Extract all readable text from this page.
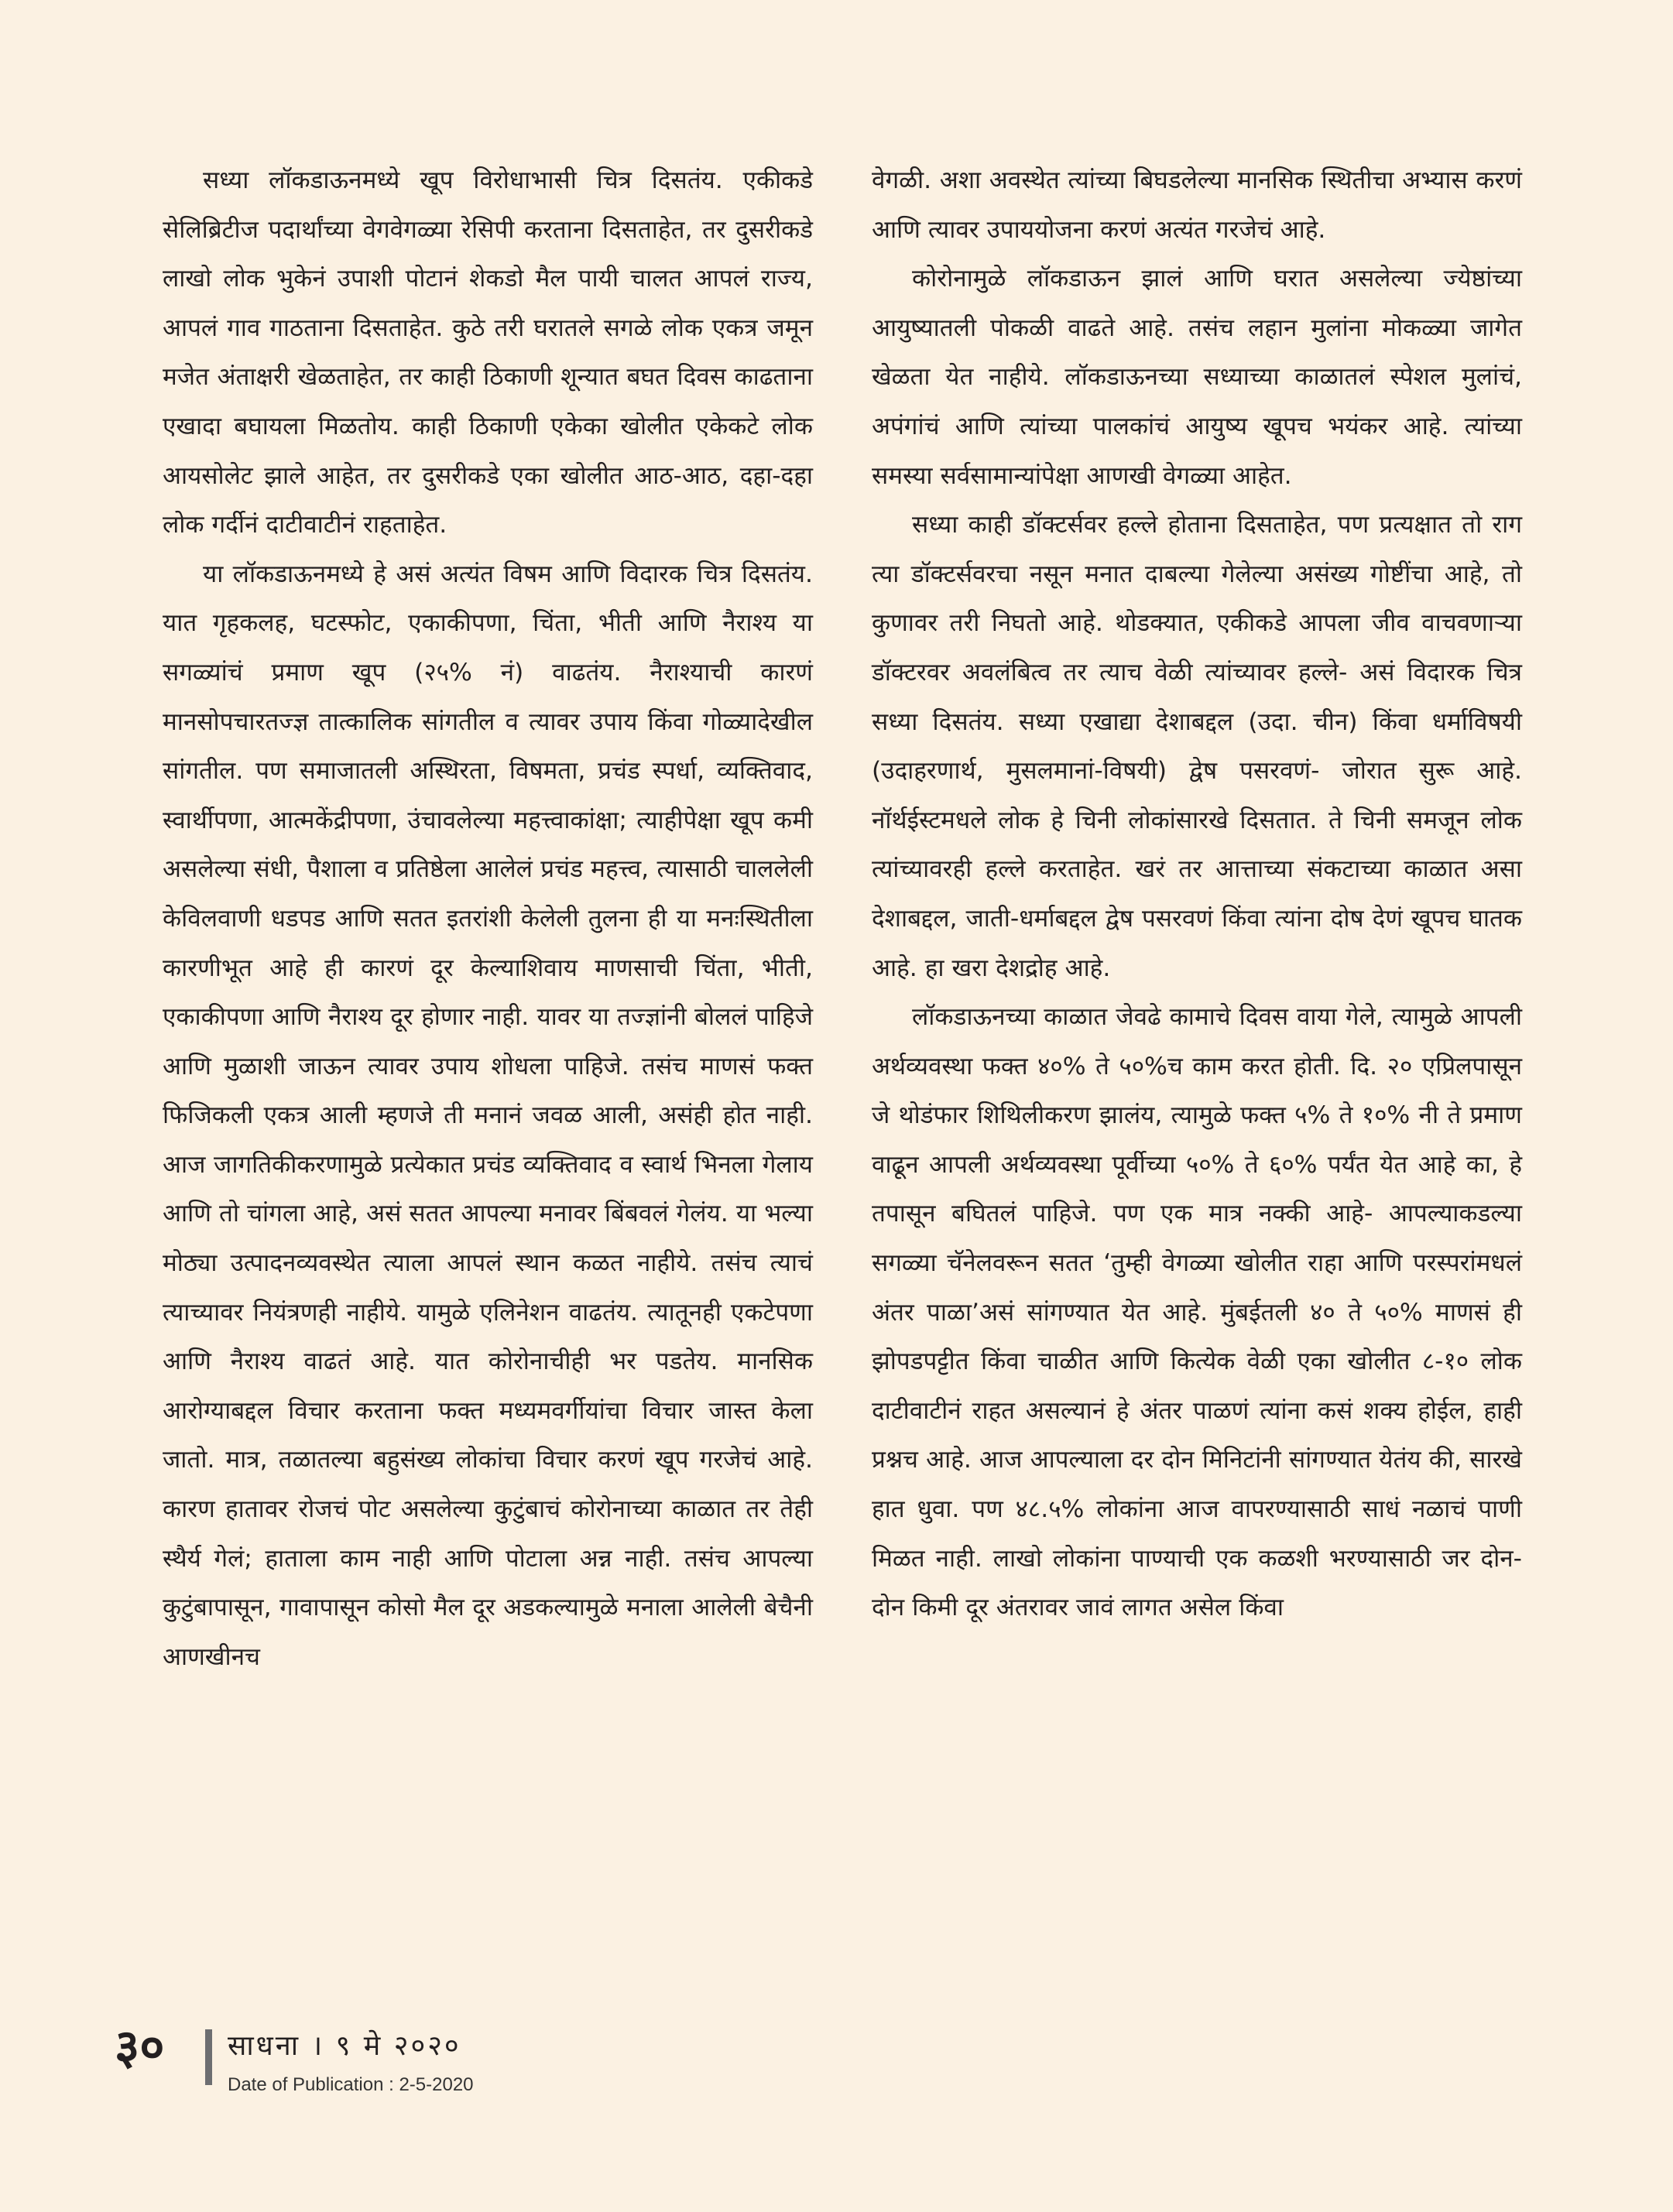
सध्या लॉकडाऊनमध्ये खूप विरोधाभासी चित्र दिसतंय. एकीकडे सेलिब्रिटीज पदार्थांच्या वेगवेगळ्या रेसिपी करताना दिसताहेत, तर दुसरीकडे लाखो लोक भुकेनं उपाशी पोटानं शेकडो मैल पायी चालत आपलं राज्य, आपलं गाव गाठताना दिसताहेत. कुठे तरी घरातले सगळे लोक एकत्र जमून मजेत अंताक्षरी खेळताहेत, तर काही ठिकाणी शून्यात बघत दिवस काढताना एखादा बघायला मिळतोय. काही ठिकाणी एकेका खोलीत एकेकटे लोक आयसोलेट झाले आहेत, तर दुसरीकडे एका खोलीत आठ-आठ, दहा-दहा लोक गर्दीनं दाटीवाटीनं राहताहेत.

या लॉकडाऊनमध्ये हे असं अत्यंत विषम आणि विदारक चित्र दिसतंय. यात गृहकलह, घटस्फोट, एकाकीपणा, चिंता, भीती आणि नैराश्य या सगळ्यांचं प्रमाण खूप (२५% नं) वाढतंय. नैराश्याची कारणं मानसोपचारतज्ज्ञ तात्कालिक सांगतील व त्यावर उपाय किंवा गोळ्यादेखील सांगतील. पण समाजातली अस्थिरता, विषमता, प्रचंड स्पर्धा, व्यक्तिवाद, स्वार्थीपणा, आत्मकेंद्रीपणा, उंचावलेल्या महत्त्वाकांक्षा; त्याहीपेक्षा खूप कमी असलेल्या संधी, पैशाला व प्रतिष्ठेला आलेलं प्रचंड महत्त्व, त्यासाठी चाललेली केविलवाणी धडपड आणि सतत इतरांशी केलेली तुलना ही या मनःस्थितीला कारणीभूत आहे ही कारणं दूर केल्याशिवाय माणसाची चिंता, भीती, एकाकीपणा आणि नैराश्य दूर होणार नाही. यावर या तज्ज्ञांनी बोललं पाहिजे आणि मुळाशी जाऊन त्यावर उपाय शोधला पाहिजे. तसंच माणसं फक्त फिजिकली एकत्र आली म्हणजे ती मनानं जवळ आली, असंही होत नाही. आज जागतिकीकरणामुळे प्रत्येकात प्रचंड व्यक्तिवाद व स्वार्थ भिनला गेलाय आणि तो चांगला आहे, असं सतत आपल्या मनावर बिंबवलं गेलंय. या भल्या मोठ्या उत्पादनव्यवस्थेत त्याला आपलं स्थान कळत नाहीये. तसंच त्याचं त्याच्यावर नियंत्रणही नाहीये. यामुळे एलिनेशन वाढतंय. त्यातूनही एकटेपणा आणि नैराश्य वाढतं आहे. यात कोरोनाचीही भर पडतेय. मानसिक आरोग्याबद्दल विचार करताना फक्त मध्यमवर्गीयांचा विचार जास्त केला जातो. मात्र, तळातल्या बहुसंख्य लोकांचा विचार करणं खूप गरजेचं आहे. कारण हातावर रोजचं पोट असलेल्या कुटुंबाचं कोरोनाच्या काळात तर तेही स्थैर्य गेलं; हाताला काम नाही आणि पोटाला अन्न नाही. तसंच आपल्या कुटुंबापासून, गावापासून कोसो मैल दूर अडकल्यामुळे मनाला आलेली बेचैनी आणखीनच

वेगळी. अशा अवस्थेत त्यांच्या बिघडलेल्या मानसिक स्थितीचा अभ्यास करणं आणि त्यावर उपाययोजना करणं अत्यंत गरजेचं आहे.

कोरोनामुळे लॉकडाऊन झालं आणि घरात असलेल्या ज्येष्ठांच्या आयुष्यातली पोकळी वाढते आहे. तसंच लहान मुलांना मोकळ्या जागेत खेळता येत नाहीये. लॉकडाऊनच्या सध्याच्या काळातलं स्पेशल मुलांचं, अपंगांचं आणि त्यांच्या पालकांचं आयुष्य खूपच भयंकर आहे. त्यांच्या समस्या सर्वसामान्यांपेक्षा आणखी वेगळ्या आहेत.

सध्या काही डॉक्टर्सवर हल्ले होताना दिसताहेत, पण प्रत्यक्षात तो राग त्या डॉक्टर्सवरचा नसून मनात दाबल्या गेलेल्या असंख्य गोष्टींचा आहे, तो कुणावर तरी निघतो आहे. थोडक्यात, एकीकडे आपला जीव वाचवणाऱ्या डॉक्टरवर अवलंबित्व तर त्याच वेळी त्यांच्यावर हल्ले- असं विदारक चित्र सध्या दिसतंय. सध्या एखाद्या देशाबद्दल (उदा. चीन) किंवा धर्माविषयी (उदाहरणार्थ, मुसलमानां-विषयी) द्वेष पसरवणं- जोरात सुरू आहे. नॉर्थईस्टमधले लोक हे चिनी लोकांसारखे दिसतात. ते चिनी समजून लोक त्यांच्यावरही हल्ले करताहेत. खरं तर आत्ताच्या संकटाच्या काळात असा देशाबद्दल, जाती-धर्माबद्दल द्वेष पसरवणं किंवा त्यांना दोष देणं खूपच घातक आहे. हा खरा देशद्रोह आहे.

लॉकडाऊनच्या काळात जेवढे कामाचे दिवस वाया गेले, त्यामुळे आपली अर्थव्यवस्था फक्त ४०% ते ५०%च काम करत होती. दि. २० एप्रिलपासून जे थोडंफार शिथिलीकरण झालंय, त्यामुळे फक्त ५% ते १०% नी ते प्रमाण वाढून आपली अर्थव्यवस्था पूर्वीच्या ५०% ते ६०% पर्यंत येत आहे का, हे तपासून बघितलं पाहिजे. पण एक मात्र नक्की आहे- आपल्याकडल्या सगळ्या चॅनेलवरून सतत ‘तुम्ही वेगळ्या खोलीत राहा आणि परस्परांमधलं अंतर पाळा’असं सांगण्यात येत आहे. मुंबईतली ४० ते ५०% माणसं ही झोपडपट्टीत किंवा चाळीत आणि कित्येक वेळी एका खोलीत ८-१० लोक दाटीवाटीनं राहत असल्यानं हे अंतर पाळणं त्यांना कसं शक्य होईल, हाही प्रश्नच आहे. आज आपल्याला दर दोन मिनिटांनी सांगण्यात येतंय की, सारखे हात धुवा. पण ४८.५% लोकांना आज वापरण्यासाठी साधं नळाचं पाणी मिळत नाही. लाखो लोकांना पाण्याची एक कळशी भरण्यासाठी जर दोन-दोन किमी दूर अंतरावर जावं लागत असेल किंवा

३० साधना । ९ मे २०२०
Date of Publication : 2-5-2020
